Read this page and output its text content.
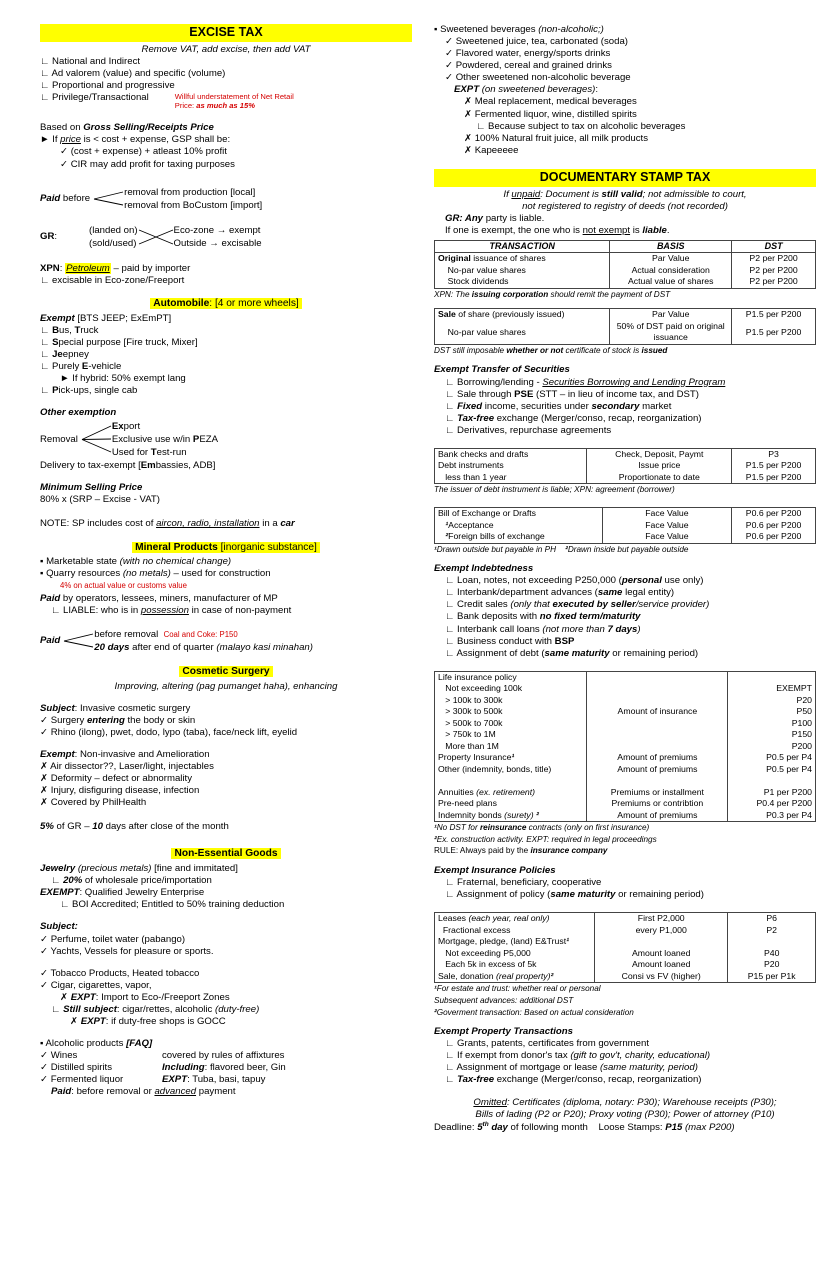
EXCISE TAX
Remove VAT, add excise, then add VAT
∟ National and Indirect
∟ Ad valorem (value) and specific (volume)
∟ Proportional and progressive
∟ Privilege/Transactional	Willful understatement of Net Retail
Price: as much as 15%
Based on Gross Selling/Receipts Price
► If price is < cost + expense, GSP shall be:
✓ (cost + expense) + atleast 10% profit
✓ CIR may add profit for taxing purposes
Paid before
removal from production [local]
removal from BoCustom [import]
GR:
(landed on)
(sold/used)
Eco-zone → exempt
Outside → excisable
XPN: Petroleum – paid by importer
∟ excisable in Eco-zone/Freeport
Automobile: [4 or more wheels]
Exempt [BTS JEEP; ExEmPT]
∟ Bus, Truck
∟ Special purpose [Fire truck, Mixer]
∟ Jeepney
∟ Purely E-vehicle
► If hybrid: 50% exempt lang
∟ Pick-ups, single cab
Other exemption
Removal
Export
Exclusive use w/in PEZA
Used for Test-run
Delivery to tax-exempt [Embassies, ADB]
Minimum Selling Price
80% x (SRP – Excise - VAT)
NOTE: SP includes cost of aircon, radio, installation in a car
Mineral Products [inorganic substance]
▪ Marketable state (with no chemical change)
▪ Quarry resources (no metals) – used for construction
4% on actual value or customs value
Paid by operators, lessees, miners, manufacturer of MP
∟ LIABLE: who is in possession in case of non-payment
Paid
before removal  Coal and Coke: P150
20 days after end of quarter (malayo kasi minahan)
Cosmetic Surgery
Improving, altering (pag pumanget haha), enhancing
Subject: Invasive cosmetic surgery
✓ Surgery entering the body or skin
✓ Rhino (ilong), pwet, dodo, lypo (taba), face/neck lift, eyelid
Exempt: Non-invasive and Amelioration
✗ Air dissector??, Laser/light, injectables
✗ Deformity – defect or abnormality
✗ Injury, disfiguring disease, infection
✗ Covered by PhilHealth
5% of GR – 10 days after close of the month
Non-Essential Goods
Jewelry (precious metals) [fine and immitated]
∟ 20% of wholesale price/importation
EXEMPT: Qualified Jewelry Enterprise
∟ BOI Accredited; Entitled to 50% training deduction
Subject:
✓ Perfume, toilet water (pabango)
✓ Yachts, Vessels for pleasure or sports.
✓ Tobacco Products, Heated tobacco
✓ Cigar, cigarettes, vapor,
✗ EXPT: Import to Eco-/Freeport Zones
∟ Still subject: cigar/rettes, alcoholic (duty-free)
✗ EXPT: if duty-free shops is GOCC
▪ Alcoholic products [FAQ]
✓ Wines	covered by rules of affixtures
✓ Distilled spirits	Including: flavored beer, Gin
✓ Fermented liquor	EXPT: Tuba, basi, tapuy
Paid: before removal or advanced payment
▪ Sweetened beverages (non-alcoholic;)
✓ Sweetened juice, tea, carbonated (soda)
✓ Flavored water, energy/sports drinks
✓ Powdered, cereal and grained drinks
✓ Other sweetened non-alcoholic beverage
EXPT (on sweetened beverages):
✗ Meal replacement, medical beverages
✗ Fermented liquor, wine, distilled spirits
∟ Because subject to tax on alcoholic beverages
✗ 100% Natural fruit juice, all milk products
✗ Kapeeeee
DOCUMENTARY STAMP TAX
If unpaid: Document is still valid; not admissible to court,
not registered to registry of deeds (not recorded)
GR: Any party is liable.
If one is exempt, the one who is not exempt is liable.
TRANSACTION	BASIS	DST
Original issuance of shares	Par Value	P2 per P200
No-par value shares	Actual consideration	P2 per P200
Stock dividends	Actual value of shares	P2 per P200
XPN: The issuing corporation should remit the payment of DST
Sale of share (previously issued)	Par Value	P1.5 per P200
No-par value shares	50% of DST paid on original issuance	P1.5 per P200
DST still imposable whether or not certificate of stock is issued
Exempt Transfer of Securities
∟ Borrowing/lending - Securities Borrowing and Lending Program
∟ Sale through PSE (STT – in lieu of income tax, and DST)
∟ Fixed income, securities under secondary market
∟ Tax-free exchange (Merger/conso, recap, reorganization)
∟ Derivatives, repurchase agreements
Bank checks and drafts	Check, Deposit, Paymt	P3
Debt instruments	Issue price	P1.5 per P200
less than 1 year	Proportionate to date	P1.5 per P200
The issuer of debt instrument is liable; XPN: agreement (borrower)
Bill of Exchange or Drafts	Face Value	P0.6 per P200
¹Acceptance	Face Value	P0.6 per P200
²Foreign bills of exchange	Face Value	P0.6 per P200
¹Drawn outside but payable in PH ²Drawn inside but payable outside
Exempt Indebtedness
∟ Loan, notes, not exceeding P250,000 (personal use only)
∟ Interbank/department advances (same legal entity)
∟ Credit sales (only that executed by seller/service provider)
∟ Bank deposits with no fixed term/maturity
∟ Interbank call loans (not more than 7 days)
∟ Business conduct with BSP
∟ Assignment of debt (same maturity or remaining period)
Life insurance policy		
Not exceeding 100k		EXEMPT
> 100k to 300k		P20
> 300k to 500k	Amount of insurance	P50
> 500k to 700k		P100
> 750k to 1M		P150
More than 1M		P200
Property Insurance¹	Amount of premiums	P0.5 per P4
Other (indemnity, bonds, title)	Amount of premiums	P0.5 per P4

Annuities (ex. retirement)	Premiums or installment	P1 per P200
Pre-need plans	Premiums or contribtion	P0.4 per P200
Indemnity bonds (surety) ²	Amount of premiums	P0.3 per P4
¹No DST for reinsurance contracts (only on first insurance)
²Ex. construction activity. EXPT: required in legal proceedings
RULE: Always paid by the insurance company
Exempt Insurance Policies
∟ Fraternal, beneficiary, cooperative
∟ Assignment of policy (same maturity or remaining period)
Leases (each year, real only)	First P2,000	P6
Fractional excess	every P1,000	P2
Mortgage, pledge, (land) E&Trust¹		
Not exceeding P5,000	Amount loaned	P40
Each 5k in excess of 5k	Amount loaned	P20
Sale, donation (real property)²	Consi vs FV (higher)	P15 per P1k
¹For estate and trust: whether real or personal
Subsequent advances: additional DST
²Goverment transaction: Based on actual consideration
Exempt Property Transactions
∟ Grants, patents, certificates from government
∟ If exempt from donor's tax (gift to gov't, charity, educational)
∟ Assignment of mortgage or lease (same maturity, period)
∟ Tax-free exchange (Merger/conso, recap, reorganization)
Omitted: Certificates (diploma, notary: P30); Warehouse receipts (P30);
Bills of lading (P2 or P20); Proxy voting (P30); Power of attorney (P10)
Deadline: 5th day of following month    Loose Stamps: P15 (max P200)
